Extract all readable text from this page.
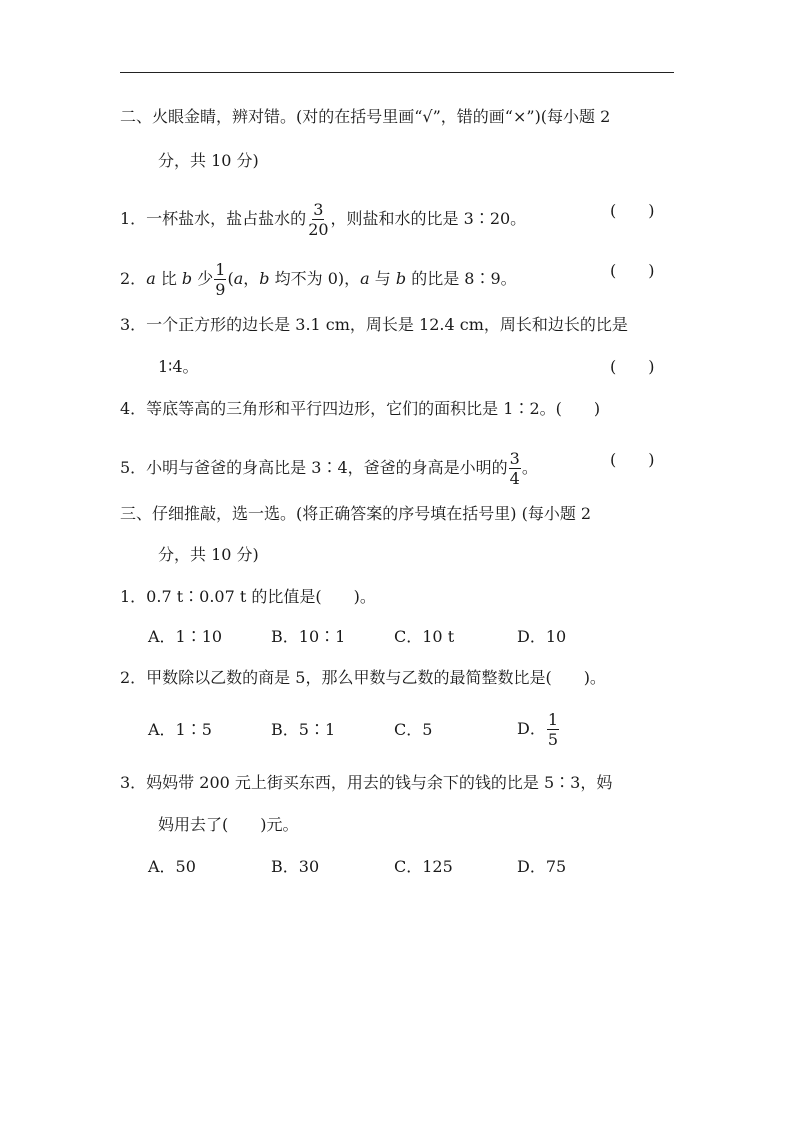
二、火眼金睛，辨对错。(对的在括号里画“√”，错的画“×”)(每小题 2
分，共 10 分)
1．一杯盐水，盐占盐水的 $\frac{3}{20}$ ，则盐和水的比是 3∶20。	(　　)
2．a 比 b 少 $\frac{1}{9} (a$，b 均不为 0)，a 与 b 的比是 8∶9。	(　　)
3．一个正方形的边长是 3.1 cm，周长是 12.4 cm，周长和边长的比是
1∶4。	(　　)
4．等底等高的三角形和平行四边形，它们的面积比是 1∶2。(　　)
5．小明与爸爸的身高比是 3∶4，爸爸的身高是小明的 $\frac{3}{4}$ 。	(　　)
三、仔细推敲，选一选。(将正确答案的序号填在括号里) (每小题 2
分，共 10 分)
1．0.7 t∶0.07 t 的比值是(　　)。
A．1∶10	B．10∶1	C．10 t	D．10
2．甲数除以乙数的商是 5，那么甲数与乙数的最简整数比是(　　)。
A．1∶5	B．5∶1	C．5	D． $\frac{1}{5}$
3．妈妈带 200 元上街买东西，用去的钱与余下的钱的比是 5∶3，妈
妈用去了(　　)元。
A．50	B．30	C．125	D．75
